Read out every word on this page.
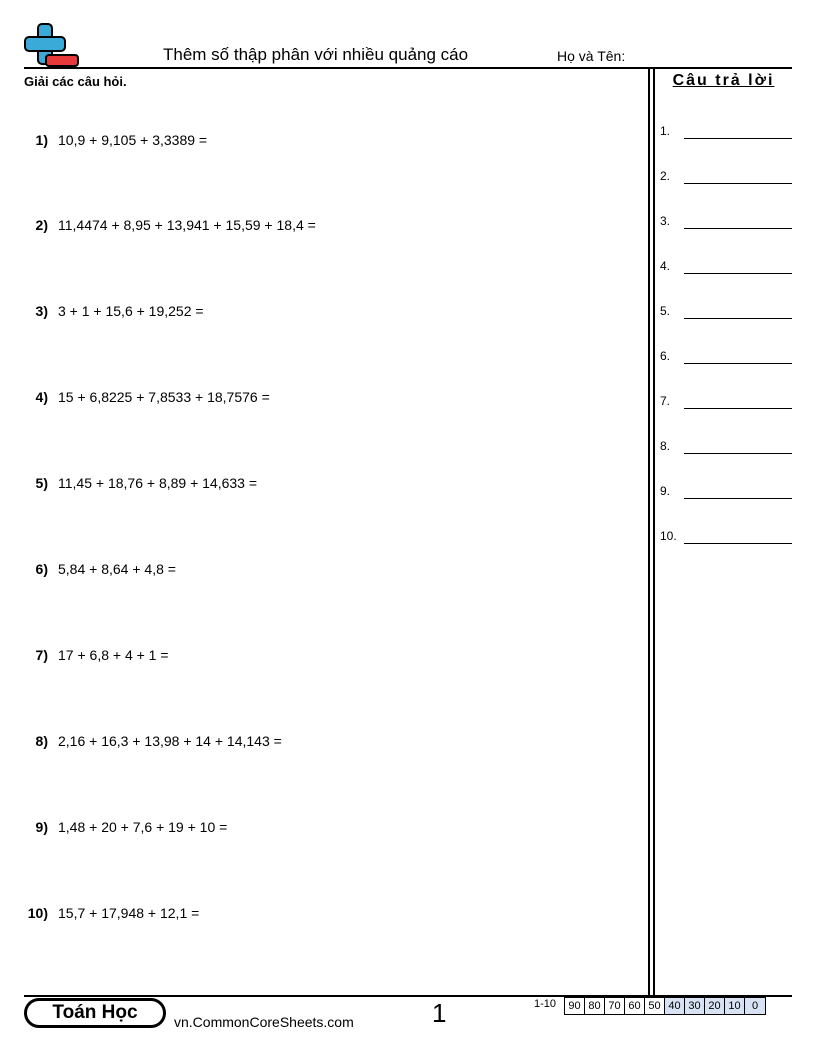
Thêm số thập phân với nhiều quảng cáo	Họ và Tên:
Giải các câu hỏi.
1) 10,9 + 9,105 + 3,3389 =
2) 11,4474 + 8,95 + 13,941 + 15,59 + 18,4 =
3) 3 + 1 + 15,6 + 19,252 =
4) 15 + 6,8225 + 7,8533 + 18,7576 =
5) 11,45 + 18,76 + 8,89 + 14,633 =
6) 5,84 + 8,64 + 4,8 =
7) 17 + 6,8 + 4 + 1 =
8) 2,16 + 16,3 + 13,98 + 14 + 14,143 =
9) 1,48 + 20 + 7,6 + 19 + 10 =
10) 15,7 + 17,948 + 12,1 =
Câu trả lời
1.
2.
3.
4.
5.
6.
7.
8.
9.
10.
Toán Học	vn.CommonCoreSheets.com	1	1-10	90 80 70 60 50 40 30 20 10	0
